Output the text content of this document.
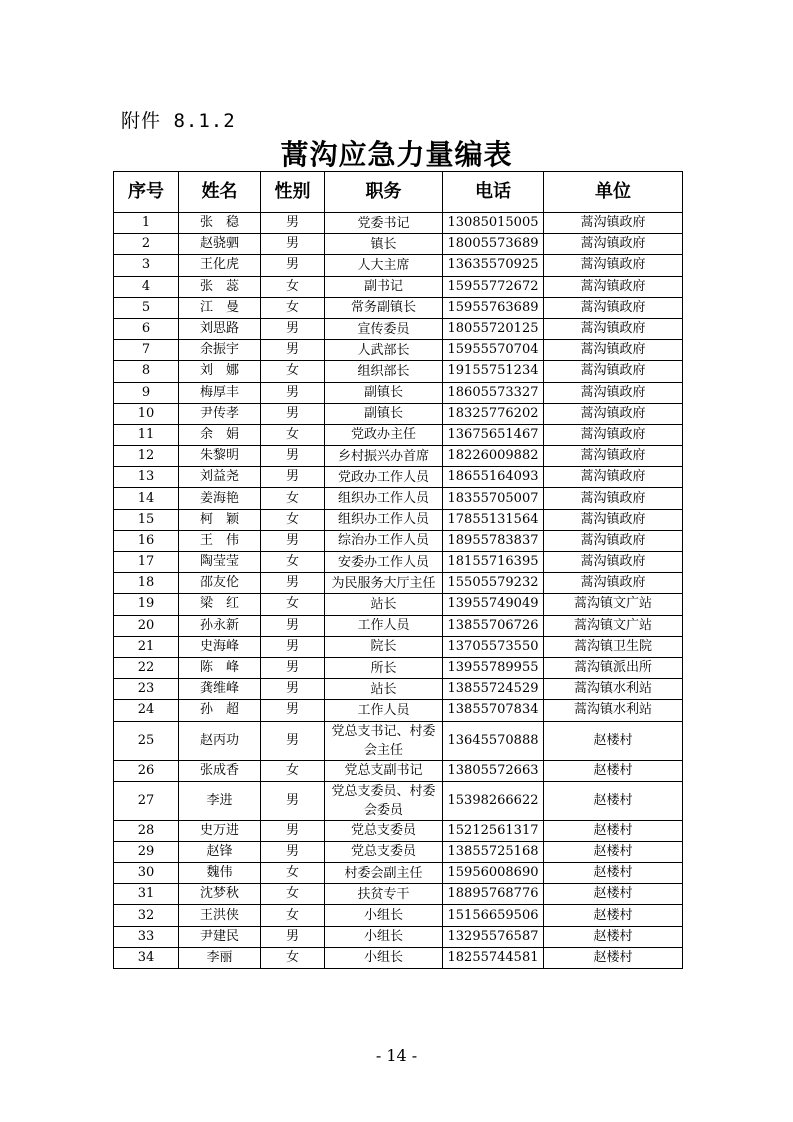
附件 8.1.2
蒿沟应急力量编表
序号	姓名	性别	职务	电话	单位
1	张　稳	男	党委书记	13085015005	蒿沟镇政府
2	赵骁驷	男	镇长	18005573689	蒿沟镇政府
3	王化虎	男	人大主席	13635570925	蒿沟镇政府
4	张　蕊	女	副书记	15955772672	蒿沟镇政府
5	江　曼	女	常务副镇长	15955763689	蒿沟镇政府
6	刘思路	男	宣传委员	18055720125	蒿沟镇政府
7	余振宇	男	人武部长	15955570704	蒿沟镇政府
8	刘　娜	女	组织部长	19155751234	蒿沟镇政府
9	梅厚丰	男	副镇长	18605573327	蒿沟镇政府
10	尹传孝	男	副镇长	18325776202	蒿沟镇政府
11	余　娟	女	党政办主任	13675651467	蒿沟镇政府
12	朱黎明	男	乡村振兴办首席	18226009882	蒿沟镇政府
13	刘益尧	男	党政办工作人员	18655164093	蒿沟镇政府
14	姜海艳	女	组织办工作人员	18355705007	蒿沟镇政府
15	柯　颖	女	组织办工作人员	17855131564	蒿沟镇政府
16	王　伟	男	综治办工作人员	18955783837	蒿沟镇政府
17	陶莹莹	女	安委办工作人员	18155716395	蒿沟镇政府
18	邵友伦	男	为民服务大厅主任	15505579232	蒿沟镇政府
19	梁　红	女	站长	13955749049	蒿沟镇文广站
20	孙永新	男	工作人员	13855706726	蒿沟镇文广站
21	史海峰	男	院长	13705573550	蒿沟镇卫生院
22	陈　峰	男	所长	13955789955	蒿沟镇派出所
23	龚维峰	男	站长	13855724529	蒿沟镇水利站
24	孙　超	男	工作人员	13855707834	蒿沟镇水利站
25	赵丙功	男	党总支书记、村委会主任	13645570888	赵楼村
26	张成香	女	党总支副书记	13805572663	赵楼村
27	李进	男	党总支委员、村委会委员	15398266622	赵楼村
28	史万进	男	党总支委员	15212561317	赵楼村
29	赵锋	男	党总支委员	13855725168	赵楼村
30	魏伟	女	村委会副主任	15956008690	赵楼村
31	沈梦秋	女	扶贫专干	18895768776	赵楼村
32	王洪侠	女	小组长	15156659506	赵楼村
33	尹建民	男	小组长	13295576587	赵楼村
34	李丽	女	小组长	18255744581	赵楼村
- 14 -
